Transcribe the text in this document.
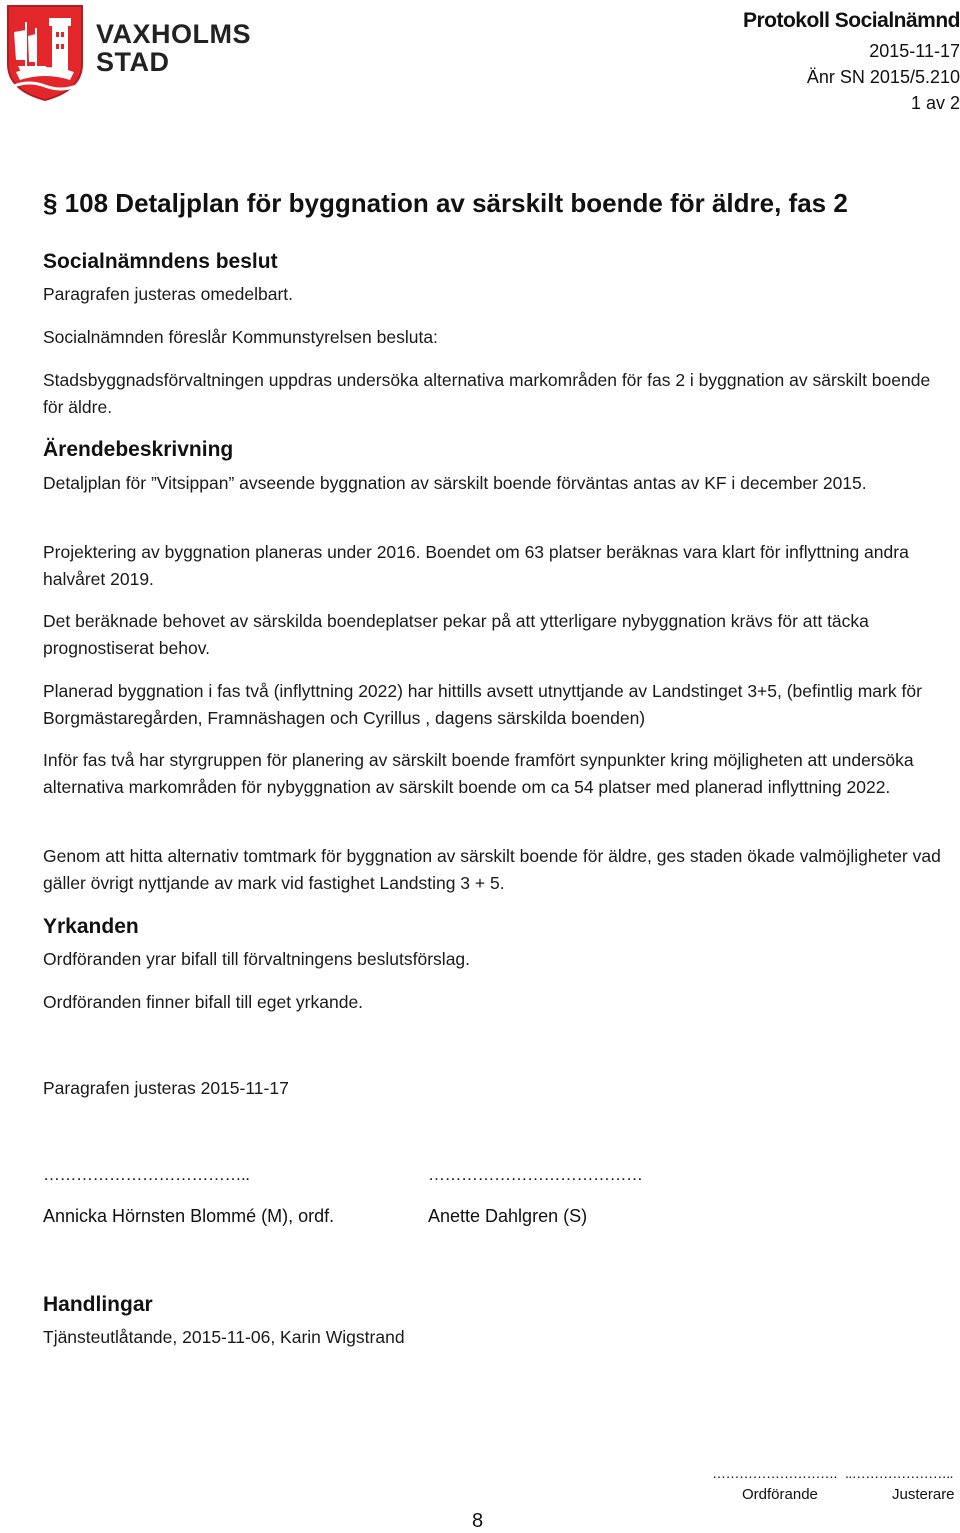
VAXHOLMS
STAD
Protokoll Socialnämnd
2015-11-17
Änr SN 2015/5.210
1 av 2
§ 108 Detaljplan för byggnation av särskilt boende för äldre, fas 2
Socialnämndens beslut
Paragrafen justeras omedelbart.
Socialnämnden föreslår Kommunstyrelsen besluta:
Stadsbyggnadsförvaltningen uppdras undersöka alternativa markområden för fas 2 i byggnation av särskilt boende för äldre.
Ärendebeskrivning
Detaljplan för ”Vitsippan” avseende byggnation av särskilt boende förväntas antas av KF i december 2015.
Projektering av byggnation planeras under 2016. Boendet om 63 platser beräknas vara klart för inflyttning andra halvåret 2019.
Det beräknade behovet av särskilda boendeplatser pekar på att ytterligare nybyggnation krävs för att täcka prognostiserat behov.
Planerad byggnation i fas två (inflyttning 2022) har hittills avsett utnyttjande av Landstinget 3+5, (befintlig mark för Borgmästaregården, Framnäshagen och Cyrillus , dagens särskilda boenden)
Inför fas två har styrgruppen för planering av särskilt boende framfört synpunkter kring möjligheten att undersöka alternativa markområden för nybyggnation av särskilt boende om ca 54 platser med planerad inflyttning 2022.
Genom att hitta alternativ tomtmark för byggnation av särskilt boende för äldre, ges staden ökade valmöjligheter vad gäller övrigt nyttjande av mark vid fastighet Landsting 3 + 5.
Yrkanden
Ordföranden yrar bifall till förvaltningens beslutsförslag.
Ordföranden finner bifall till eget yrkande.
Paragrafen justeras 2015-11-17
………………………………..	…………………………………
Annicka Hörnsten Blommé (M), ordf.	Anette Dahlgren (S)
Handlingar
Tjänsteutlåtande, 2015-11-06, Karin Wigstrand
………………………. ..…………………..
Ordförande	Justerare
8
